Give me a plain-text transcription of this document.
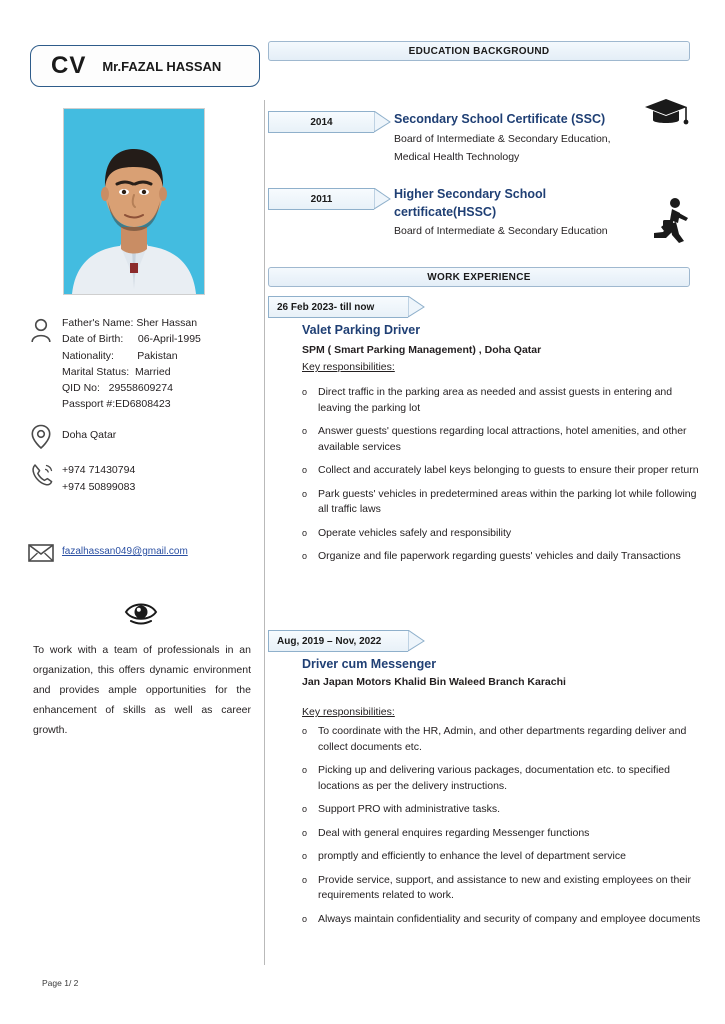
CV Mr.FAZAL HASSAN
Father's Name: Sher Hassan
Date of Birth:     06-April-1995
Nationality:        Pakistan
Marital Status:  Married
QID No:   29558609274
Passport #:ED6808423
Doha Qatar
+974 71430794
+974 50899083
fazalhassan049@gmail.com
To work with a team of professionals in an organization, this offers dynamic environment and provides ample opportunities for the enhancement of skills as well as career growth.
EDUCATION BACKGROUND
2014	Secondary School Certificate (SSC)
Board of Intermediate & Secondary Education,
Medical Health Technology
2011	Higher Secondary School
certificate(HSSC)
Board of Intermediate & Secondary Education
WORK EXPERIENCE
26 Feb 2023- till now
Valet Parking Driver
SPM ( Smart Parking Management) , Doha Qatar
Key responsibilities:
o	Direct traffic in the parking area as needed and assist guests in entering and leaving the parking lot
o	Answer guests' questions regarding local attractions, hotel amenities, and other available services
o	Collect and accurately label keys belonging to guests to ensure their proper return
o	Park guests' vehicles in predetermined areas within the parking lot while following all traffic laws
o	Operate vehicles safely and responsibility
o	Organize and file paperwork regarding guests' vehicles and daily Transactions
Aug, 2019 – Nov, 2022
Driver cum Messenger
Jan Japan Motors Khalid Bin Waleed Branch Karachi
Key responsibilities:
o	To coordinate with the HR, Admin, and other departments regarding deliver and collect documents etc.
o	Picking up and delivering various packages, documentation etc. to specified locations as per the delivery instructions.
o	Support PRO with administrative tasks.
o	Deal with general enquires regarding Messenger functions
o	promptly and efficiently to enhance the level of department service
o	Provide service, support, and assistance to new and existing employees on their requirements related to work.
o	Always maintain confidentiality and security of company and employee documents
Page 1/ 2
